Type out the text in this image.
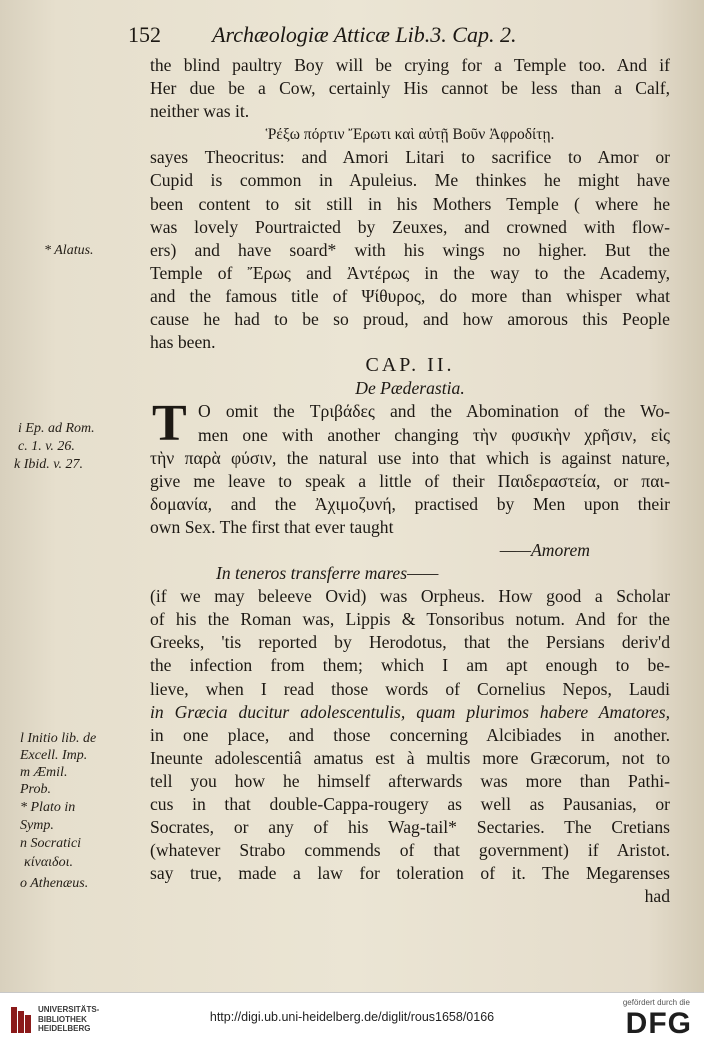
152 Archæologiæ Atticæ Lib.3. Cap. 2.
the blind paultry Boy will be crying for a Temple too. And if
Her due be a Cow, certainly His cannot be less than a Calf,
neither was it.
Ῥέξω πόρτιν Ἔρωτι καὶ αὐτῇ Βοῦν Ἀφροδίτῃ.
sayes Theocritus: and Amori Litari to sacrifice to Amor or
Cupid is common in Apuleius. Me thinkes he might have
been content to sit still in his Mothers Temple ( where he
was lovely Pourtraicted by Zeuxes, and crowned with flow-
ers) and have soard* with his wings no higher. But the
Temple of Ἔρως and Ἀντέρως in the way to the Academy,
and the famous title of Ψίθυρος, do more than whisper what
cause he had to be so proud, and how amorous this People
has been.
CAP. II.
De Pæderastia.
T O omit the Τριβάδες and the Abomination of the Wo-
men one with another changing τὴν φυσικὴν χρῆσιν, εἰς
τὴν παρὰ φύσιν, the natural use into that which is against nature,
give me leave to speak a little of their Παιδεραστεία, or παι-
δομανία, and the Ἀχιμοζυνή, practised by Men upon their
own Sex. The first that ever taught
——Amorem
In teneros transferre mares——
(if we may beleeve Ovid) was Orpheus. How good a Scholar
of his the Roman was, Lippis & Tonsoribus notum. And for the
Greeks, 'tis reported by Herodotus, that the Persians deriv'd
the infection from them; which I am apt enough to be-
lieve, when I read those words of Cornelius Nepos, Laudi
in Græcia ducitur adolescentulis, quam plurimos habere Amatores,
in one place, and those concerning Alcibiades in another.
Ineunte adolescentiâ amatus est à multis more Græcorum, not to
tell you how he himself afterwards was more than Pathi-
cus in that double-Cappa-rougery as well as Pausanias, or
Socrates, or any of his Wag-tail* Sectaries. The Cretians
(whatever Strabo commends of that government) if Aristot.
say true, made a law for toleration of it. The Megarenses
had
* Alatus.
i Ep. ad Rom.
c. 1. v. 26.
k Ibid. v. 27.
l Initio lib. de
Excell. Imp.
m Æmil.
Prob.
* Plato in
Symp.
n Socratici
κίναιδοι.
o Athenæus.
UNIVERSITÄTS-
BIBLIOTHEK
HEIDELBERG
http://digi.ub.uni-heidelberg.de/diglit/rous1658/0166
gefördert durch die
DFG
